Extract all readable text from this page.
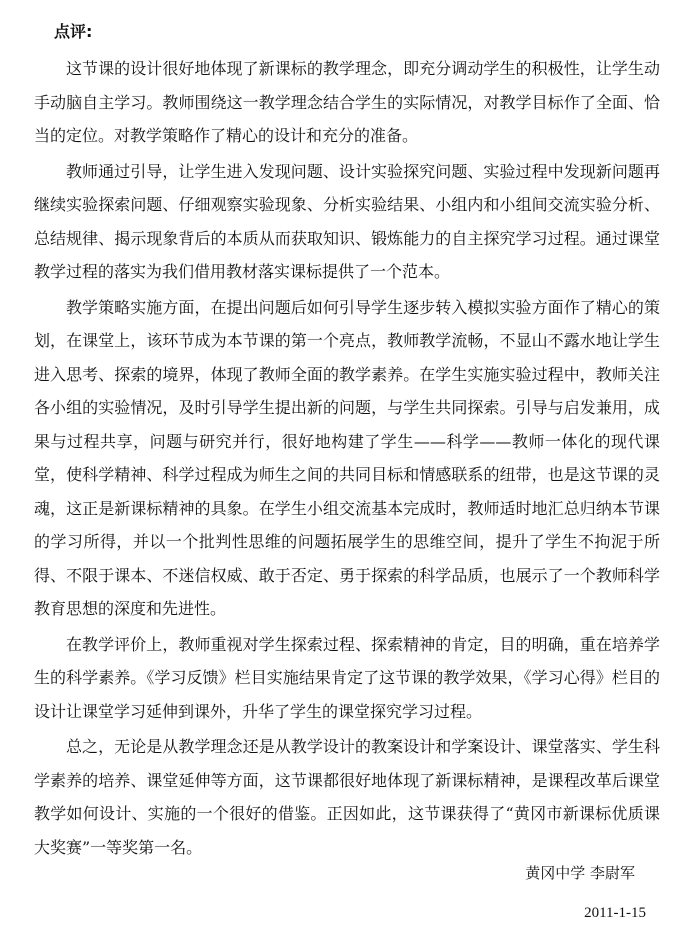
点评:

这节课的设计很好地体现了新课标的教学理念，即充分调动学生的积极性，让学生动手动脑自主学习。教师围绕这一教学理念结合学生的实际情况，对教学目标作了全面、恰当的定位。对教学策略作了精心的设计和充分的准备。

教师通过引导，让学生进入发现问题、设计实验探究问题、实验过程中发现新问题再继续实验探索问题、仔细观察实验现象、分析实验结果、小组内和小组间交流实验分析、总结规律、揭示现象背后的本质从而获取知识、锻炼能力的自主探究学习过程。通过课堂教学过程的落实为我们借用教材落实课标提供了一个范本。

教学策略实施方面，在提出问题后如何引导学生逐步转入模拟实验方面作了精心的策划，在课堂上，该环节成为本节课的第一个亮点，教师教学流畅，不显山不露水地让学生进入思考、探索的境界，体现了教师全面的教学素养。在学生实施实验过程中，教师关注各小组的实验情况，及时引导学生提出新的问题，与学生共同探索。引导与启发兼用，成果与过程共享，问题与研究并行，很好地构建了学生——科学——教师一体化的现代课堂，使科学精神、科学过程成为师生之间的共同目标和情感联系的纽带，也是这节课的灵魂，这正是新课标精神的具象。在学生小组交流基本完成时，教师适时地汇总归纳本节课的学习所得，并以一个批判性思维的问题拓展学生的思维空间，提升了学生不拘泥于所得、不限于课本、不迷信权威、敢于否定、勇于探索的科学品质，也展示了一个教师科学教育思想的深度和先进性。

在教学评价上，教师重视对学生探索过程、探索精神的肯定，目的明确，重在培养学生的科学素养。《学习反馈》栏目实施结果肯定了这节课的教学效果，《学习心得》栏目的设计让课堂学习延伸到课外，升华了学生的课堂探究学习过程。

总之，无论是从教学理念还是从教学设计的教案设计和学案设计、课堂落实、学生科学素养的培养、课堂延伸等方面，这节课都很好地体现了新课标精神，是课程改革后课堂教学如何设计、实施的一个很好的借鉴。正因如此，这节课获得了“黄冈市新课标优质课大奖赛”一等奖第一名。

黄冈中学 李尉军
2011-1-15
